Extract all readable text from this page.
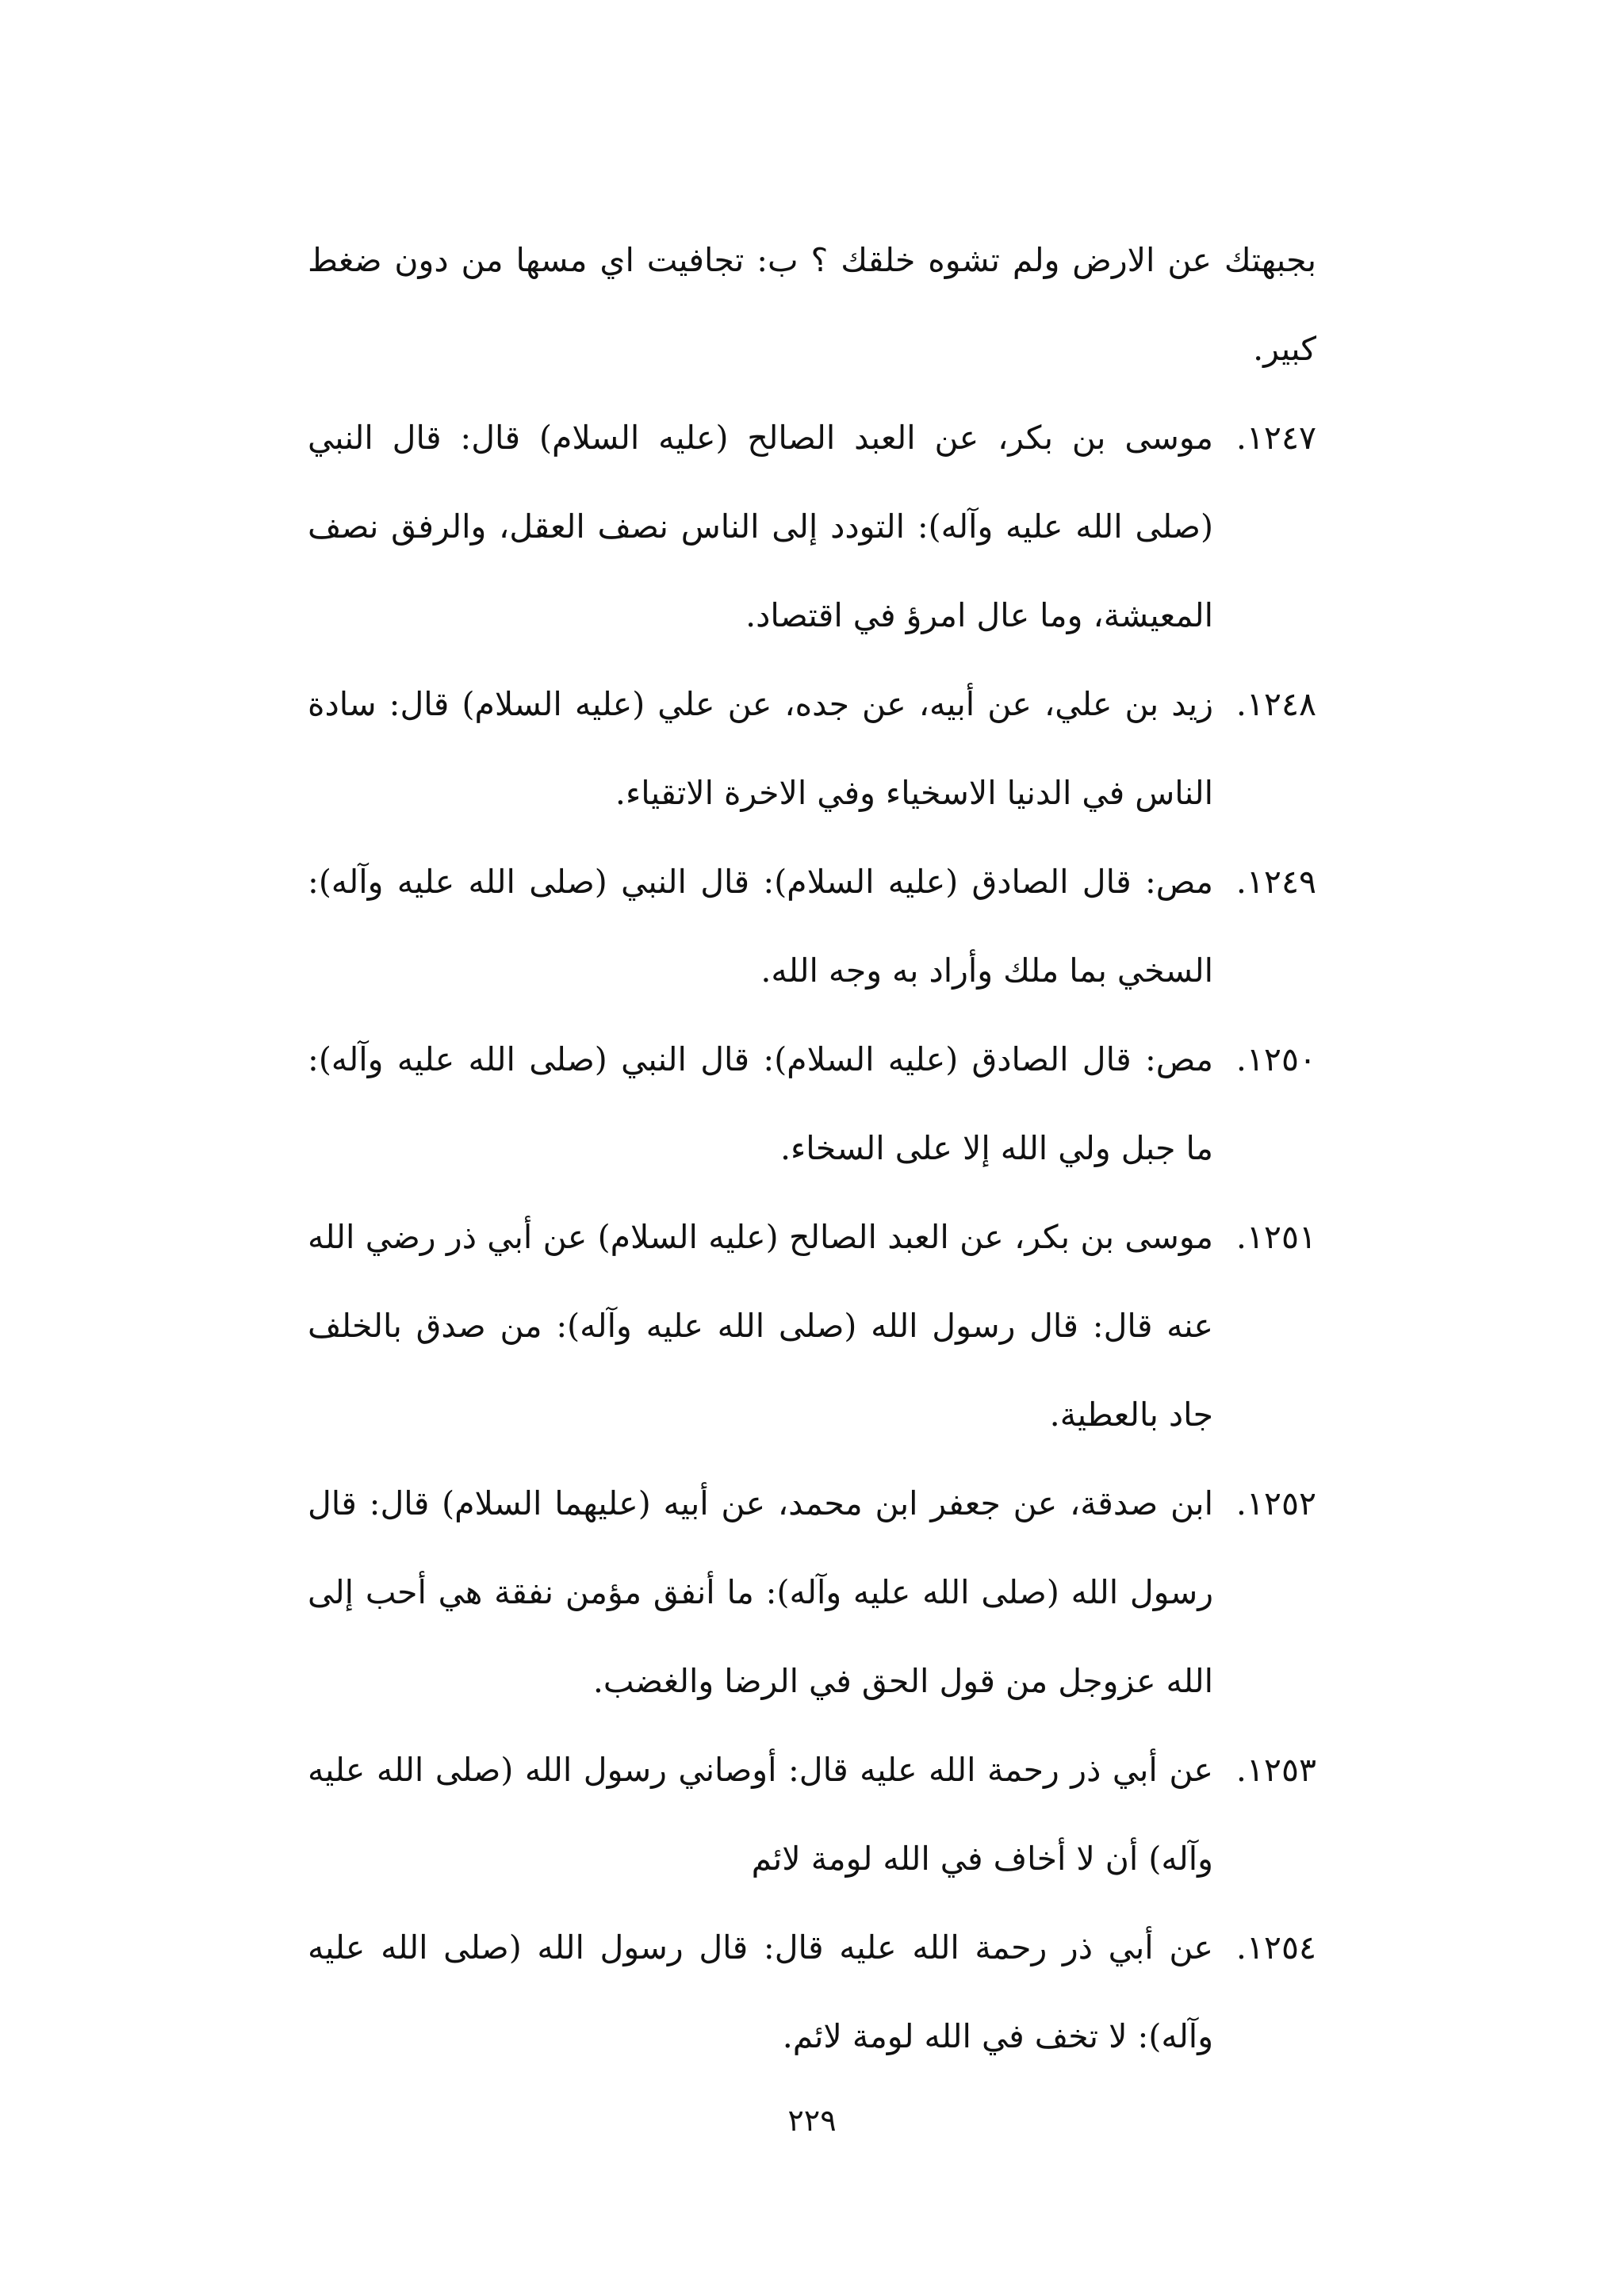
بجبهتك عن الارض ولم تشوه خلقك ؟ ب: تجافيت اي مسها من دون ضغط كبير.

١٢٤٧.
موسى بن بكر، عن العبد الصالح (عليه السلام) قال: قال النبي (صلى الله عليه وآله): التودد إلى الناس نصف العقل، والرفق نصف المعيشة، وما عال امرؤ في اقتصاد.

١٢٤٨.
زيد بن علي، عن أبيه، عن جده، عن علي (عليه السلام) قال: سادة الناس في الدنيا الاسخياء وفي الاخرة الاتقياء.

١٢٤٩.
مص: قال الصادق (عليه السلام): قال النبي (صلى الله عليه وآله): السخي بما ملك وأراد به وجه الله.

١٢٥٠.
مص: قال الصادق (عليه السلام): قال النبي (صلى الله عليه وآله): ما جبل ولي الله إلا على السخاء.

١٢٥١.
موسى بن بكر، عن العبد الصالح (عليه السلام) عن أبي ذر رضي الله عنه قال: قال رسول الله (صلى الله عليه وآله): من صدق بالخلف جاد بالعطية.

١٢٥٢.
ابن صدقة، عن جعفر ابن محمد، عن أبيه (عليهما السلام) قال: قال رسول الله (صلى الله عليه وآله): ما أنفق مؤمن نفقة هي أحب إلى الله عزوجل من قول الحق في الرضا والغضب.

١٢٥٣.
عن أبي ذر رحمة الله عليه قال: أوصاني رسول الله (صلى الله عليه وآله) أن لا أخاف في الله لومة لائم

١٢٥٤.
عن أبي ذر رحمة الله عليه قال: قال رسول الله (صلى الله عليه وآله): لا تخف في الله لومة لائم.

٢٢٩
